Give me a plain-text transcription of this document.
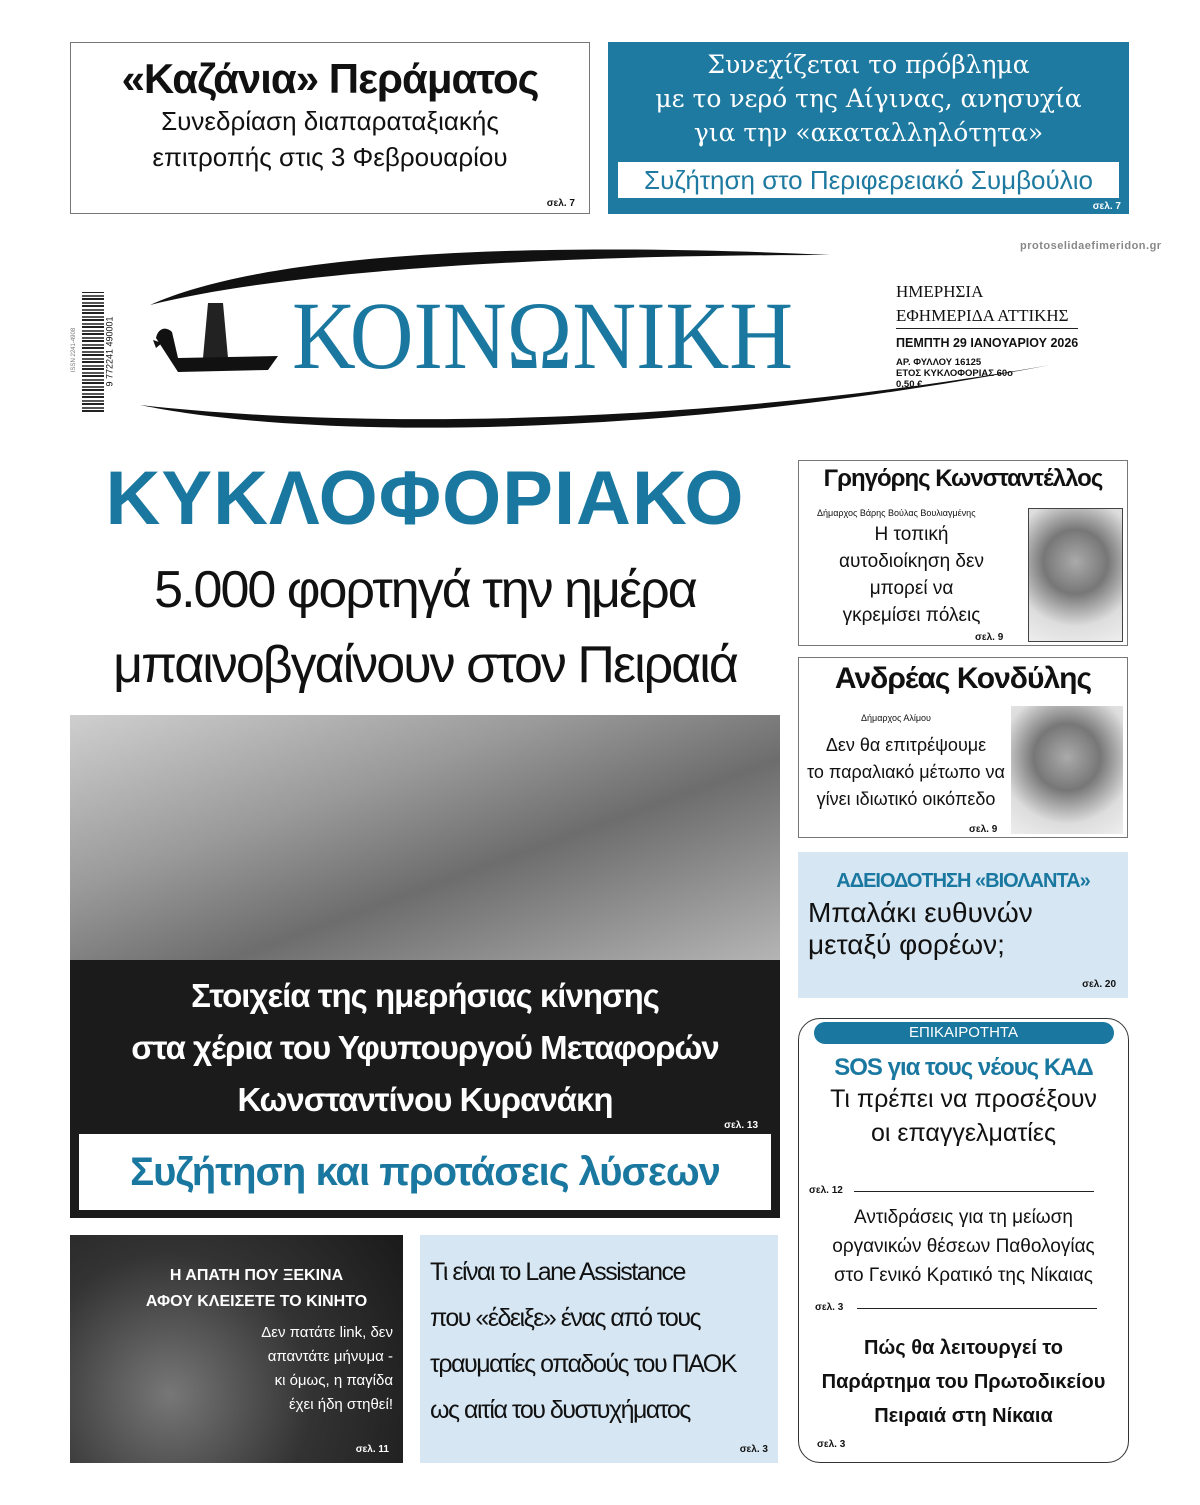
«Καζάνια» Περάματος
Συνεδρίαση διαπαραταξιακής
επιτροπής στις 3 Φεβρουαρίου
σελ. 7
Συνεχίζεται το πρόβλημα
με το νερό της Αίγινας, ανησυχία
για την «ακαταλληλότητα»
Συζήτηση στο Περιφερειακό Συμβούλιο
σελ. 7
protoselidaefimeridon.gr
ΚΟΙΝΩΝΙΚΗ	ΗΜΕΡΗΣΙΑ
ΕΦΗΜΕΡΙΔΑ ΑΤΤΙΚΗΣ
ΠΕΜΠΤΗ 29 ΙΑΝΟΥΑΡΙΟΥ 2026
ΑΡ. ΦΥΛΛΟΥ 16125
ΕΤΟΣ ΚΥΚΛΟΦΟΡΙΑΣ 60ο
0,50 €
9 772241 490001
ISSN 2241-4908
ΚΥΚΛΟΦΟΡΙΑΚΟ
5.000 φορτηγά την ημέρα
μπαινοβγαίνουν στον Πειραιά
Στοιχεία της ημερήσιας κίνησης
στα χέρια του Υφυπουργού Μεταφορών
Κωνσταντίνου Κυρανάκη
σελ. 13
Συζήτηση και προτάσεις λύσεων
Γρηγόρης Κωνσταντέλλος
Δήμαρχος Βάρης Βούλας Βουλιαγμένης
Η τοπική
αυτοδιοίκηση δεν
μπορεί να
γκρεμίσει πόλεις
σελ. 9
Ανδρέας Κονδύλης
Δήμαρχος Αλίμου
Δεν θα επιτρέψουμε
το παραλιακό μέτωπο να
γίνει ιδιωτικό οικόπεδο
σελ. 9
ΑΔΕΙΟΔΟΤΗΣΗ «ΒΙΟΛΑΝΤΑ»
Μπαλάκι ευθυνών
μεταξύ φορέων;
σελ. 20
ΕΠΙΚΑΙΡΟΤΗΤΑ
SOS για τους νέους ΚΑΔ
Τι πρέπει να προσέξουν
οι επαγγελματίες
σελ. 12
Αντιδράσεις για τη μείωση
οργανικών θέσεων Παθολογίας
στο Γενικό Κρατικό της Νίκαιας
σελ. 3
Πώς θα λειτουργεί το
Παράρτημα του Πρωτοδικείου
Πειραιά στη Νίκαια
σελ. 3
Η ΑΠΑΤΗ ΠΟΥ ΞΕΚΙΝΑ
ΑΦΟΥ ΚΛΕΙΣΕΤΕ ΤΟ ΚΙΝΗΤΟ
Δεν πατάτε link, δεν
απαντάτε μήνυμα -
κι όμως, η παγίδα
έχει ήδη στηθεί!
σελ. 11
Τι είναι το Lane Assistance
που «έδειξε» ένας από τους
τραυματίες οπαδούς του ΠΑΟΚ
ως αιτία του δυστυχήματος
σελ. 3
